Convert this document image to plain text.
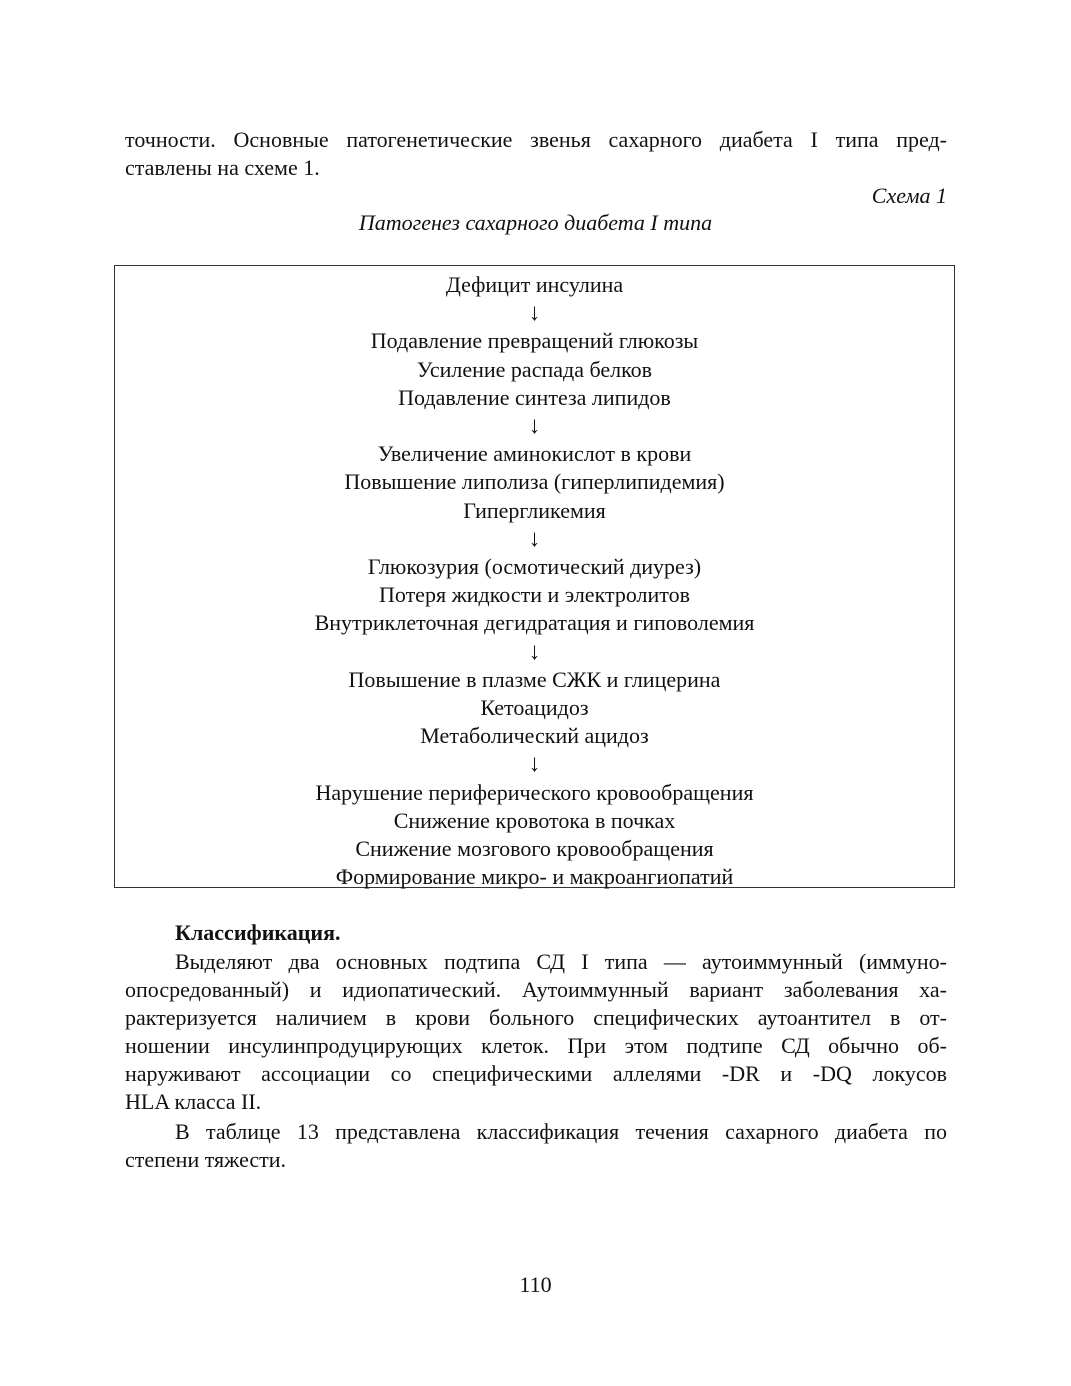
точности. Основные патогенетические звенья сахарного диабета I типа пред-
ставлены на схеме 1.
Схема 1
Патогенез сахарного диабета I типа
Дефицит инсулина
↓
Подавление превращений глюкозы
Усиление распада белков
Подавление синтеза липидов
↓
Увеличение аминокислот в крови
Повышение липолиза (гиперлипидемия)
Гипергликемия
↓
Глюкозурия (осмотический диурез)
Потеря жидкости и электролитов
Внутриклеточная дегидратация и гиповолемия
↓
Повышение в плазме СЖК и глицерина
Кетоацидоз
Метаболический ацидоз
↓
Нарушение периферического кровообращения
Снижение кровотока в почках
Снижение мозгового кровообращения
Формирование микро- и макроангиопатий
Классификация.
Выделяют два основных подтипа СД I типа — аутоиммунный (иммуно-
опосредованный) и идиопатический. Аутоиммунный вариант заболевания ха-
рактеризуется наличием в крови больного специфических аутоантител в от-
ношении инсулинпродуцирующих клеток. При этом подтипе СД обычно об-
наруживают ассоциации со специфическими аллелями -DR и -DQ локусов
HLA класса II.
В таблице 13 представлена классификация течения сахарного диабета по
степени тяжести.
110
